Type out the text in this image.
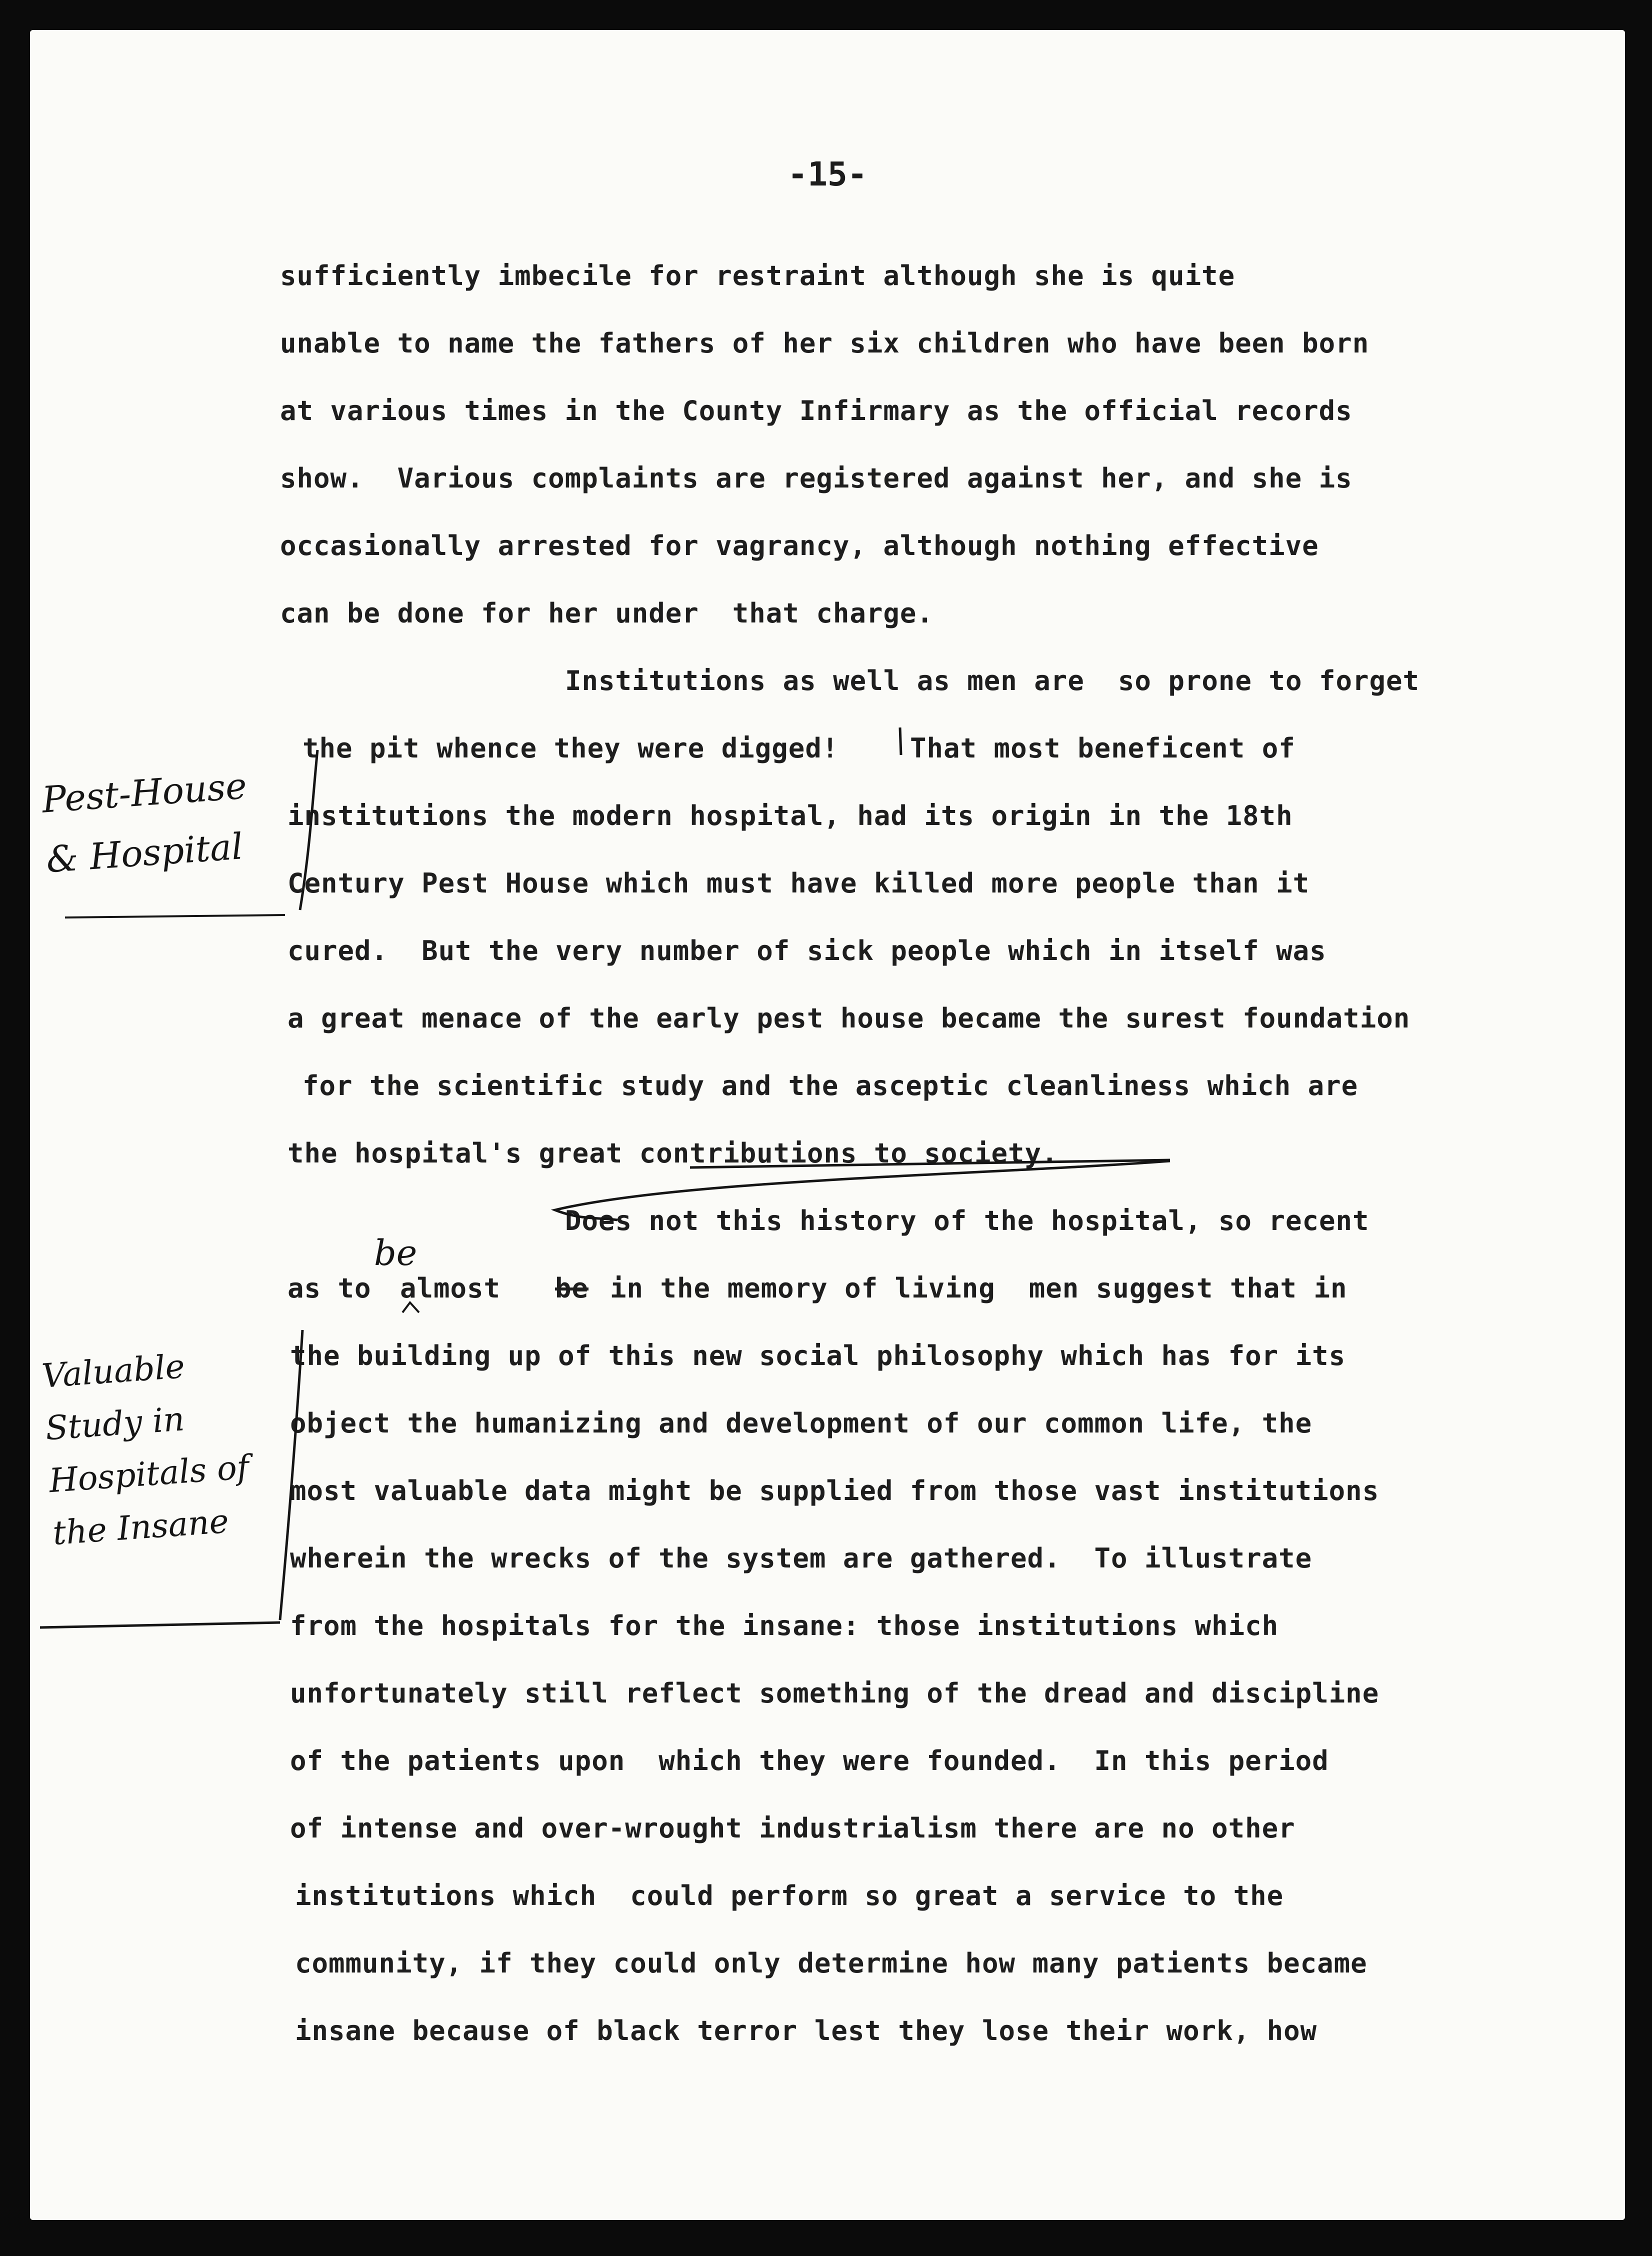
-15-
sufficiently imbecile for restraint although she is quite
unable to name the fathers of her six children who have been born
at various times in the County Infirmary as the official records
show.  Various complaints are registered against her, and she is
occasionally arrested for vagrancy, although nothing effective
can be done for her under  that charge.
Institutions as well as men are  so prone to forget
the pit whence they were digged!	That most beneficent of
institutions the modern hospital, had its origin in the 18th
Century Pest House which must have killed more people than it
cured.  But the very number of sick people which in itself was
a great menace of the early pest house became the surest foundation
for the scientific study and the asceptic cleanliness which are
the hospital's great contributions to society.
Does not this history of the hospital, so recent
as to almost be in the memory of living  men suggest that in
the building up of this new social philosophy which has for its
object the humanizing and development of our common life, the
most valuable data might be supplied from those vast institutions
wherein the wrecks of the system are gathered.  To illustrate
from the hospitals for the insane: those institutions which
unfortunately still reflect something of the dread and discipline
of the patients upon  which they were founded.  In this period
of intense and over-wrought industrialism there are no other
institutions which  could perform so great a service to the
community, if they could only determine how many patients became
insane because of black terror lest they lose their work, how
be
Pest-House
& Hospital
Valuable
Study in
Hospitals of
the Insane
